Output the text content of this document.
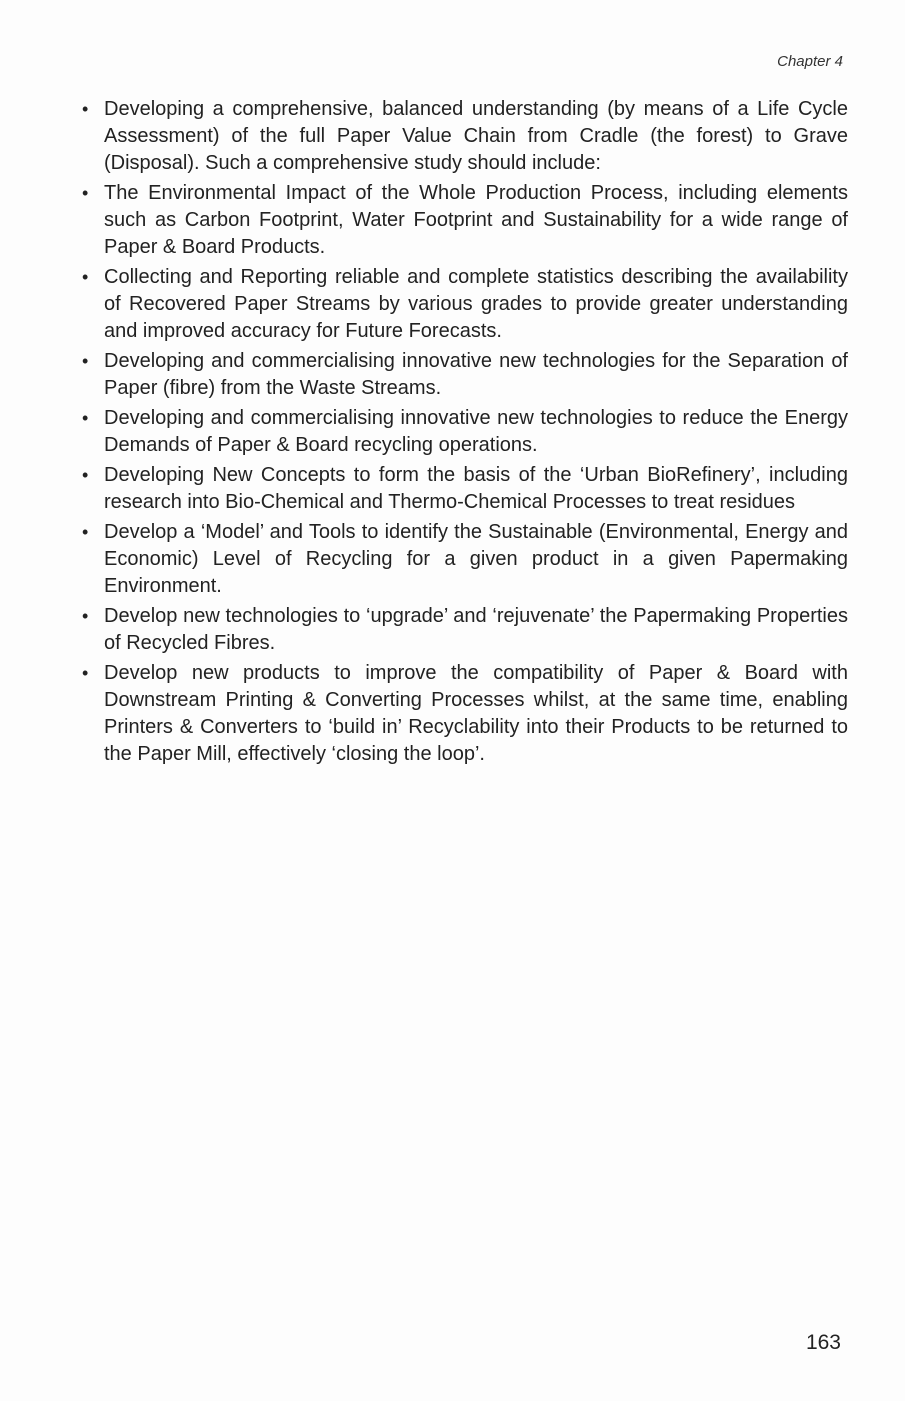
Chapter 4
• Developing a comprehensive, balanced understanding (by means of a Life Cycle Assessment) of the full Paper Value Chain from Cradle (the forest) to Grave (Disposal). Such a comprehensive study should include:
• The Environmental Impact of the Whole Production Process, including elements such as Carbon Footprint, Water Footprint and Sustainability for a wide range of Paper & Board Products.
• Collecting and Reporting reliable and complete statistics describing the availability of Recovered Paper Streams by various grades to provide greater understanding and improved accuracy for Future Forecasts.
• Developing and commercialising innovative new technologies for the Separation of Paper (fibre) from the Waste Streams.
• Developing and commercialising innovative new technologies to reduce the Energy Demands of Paper & Board recycling operations.
• Developing New Concepts to form the basis of the ‘Urban BioRefinery’, including research into Bio-Chemical and Thermo-Chemical Processes to treat residues
• Develop a ‘Model’ and Tools to identify the Sustainable (Environmental, Energy and Economic) Level of Recycling for a given product in a given Papermaking Environment.
• Develop new technologies to ‘upgrade’ and ‘rejuvenate’ the Papermaking Properties of Recycled Fibres.
• Develop new products to improve the compatibility of Paper & Board with Downstream Printing & Converting Processes whilst, at the same time, enabling Printers & Converters to ‘build in’ Recyclability into their Products to be returned to the Paper Mill, effectively ‘closing the loop’.
163
